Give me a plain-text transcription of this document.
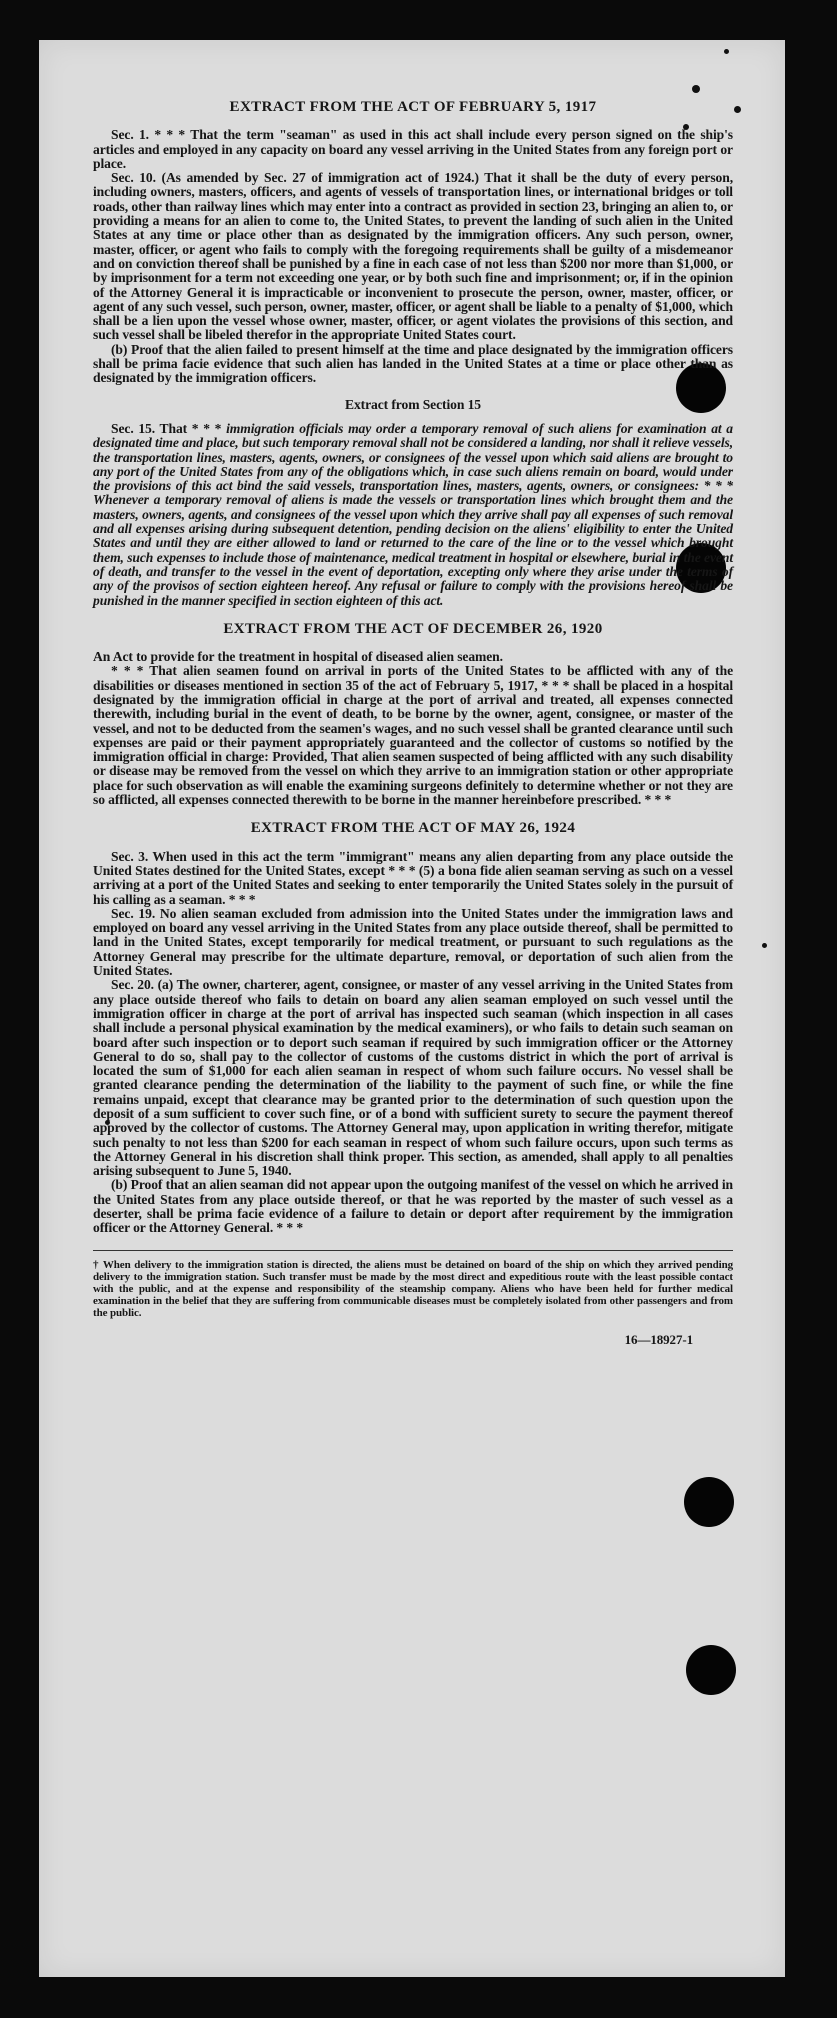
EXTRACT FROM THE ACT OF FEBRUARY 5, 1917

Sec. 1. * * * That the term "seaman" as used in this act shall include every person signed on the ship's articles and employed in any capacity on board any vessel arriving in the United States from any foreign port or place.

Sec. 10. (As amended by Sec. 27 of immigration act of 1924.) That it shall be the duty of every person, including owners, masters, officers, and agents of vessels of transportation lines, or international bridges or toll roads, other than railway lines which may enter into a contract as provided in section 23, bringing an alien to, or providing a means for an alien to come to, the United States, to prevent the landing of such alien in the United States at any time or place other than as designated by the immigration officers. Any such person, owner, master, officer, or agent who fails to comply with the foregoing requirements shall be guilty of a misdemeanor and on conviction thereof shall be punished by a fine in each case of not less than $200 nor more than $1,000, or by imprisonment for a term not exceeding one year, or by both such fine and imprisonment; or, if in the opinion of the Attorney General it is impracticable or inconvenient to prosecute the person, owner, master, officer, or agent of any such vessel, such person, owner, master, officer, or agent shall be liable to a penalty of $1,000, which shall be a lien upon the vessel whose owner, master, officer, or agent violates the provisions of this section, and such vessel shall be libeled therefor in the appropriate United States court.

(b) Proof that the alien failed to present himself at the time and place designated by the immigration officers shall be prima facie evidence that such alien has landed in the United States at a time or place other than as designated by the immigration officers.

Extract from Section 15

Sec. 15. That * * * immigration officials may order a temporary removal of such aliens for examination at a designated time and place, but such temporary removal shall not be considered a landing, nor shall it relieve vessels, the transportation lines, masters, agents, owners, or consignees of the vessel upon which said aliens are brought to any port of the United States from any of the obligations which, in case such aliens remain on board, would under the provisions of this act bind the said vessels, transportation lines, masters, agents, owners, or consignees: * * * Whenever a temporary removal of aliens is made the vessels or transportation lines which brought them and the masters, owners, agents, and consignees of the vessel upon which they arrive shall pay all expenses of such removal and all expenses arising during subsequent detention, pending decision on the aliens' eligibility to enter the United States and until they are either allowed to land or returned to the care of the line or to the vessel which brought them, such expenses to include those of maintenance, medical treatment in hospital or elsewhere, burial in the event of death, and transfer to the vessel in the event of deportation, excepting only where they arise under the terms of any of the provisos of section eighteen hereof. Any refusal or failure to comply with the provisions hereof shall be punished in the manner specified in section eighteen of this act.

EXTRACT FROM THE ACT OF DECEMBER 26, 1920

An Act to provide for the treatment in hospital of diseased alien seamen.

* * * That alien seamen found on arrival in ports of the United States to be afflicted with any of the disabilities or diseases mentioned in section 35 of the act of February 5, 1917, * * * shall be placed in a hospital designated by the immigration official in charge at the port of arrival and treated, all expenses connected therewith, including burial in the event of death, to be borne by the owner, agent, consignee, or master of the vessel, and not to be deducted from the seamen's wages, and no such vessel shall be granted clearance until such expenses are paid or their payment appropriately guaranteed and the collector of customs so notified by the immigration official in charge: Provided, That alien seamen suspected of being afflicted with any such disability or disease may be removed from the vessel on which they arrive to an immigration station or other appropriate place for such observation as will enable the examining surgeons definitely to determine whether or not they are so afflicted, all expenses connected therewith to be borne in the manner hereinbefore prescribed. * * *

EXTRACT FROM THE ACT OF MAY 26, 1924

Sec. 3. When used in this act the term "immigrant" means any alien departing from any place outside the United States destined for the United States, except * * * (5) a bona fide alien seaman serving as such on a vessel arriving at a port of the United States and seeking to enter temporarily the United States solely in the pursuit of his calling as a seaman. * * *

Sec. 19. No alien seaman excluded from admission into the United States under the immigration laws and employed on board any vessel arriving in the United States from any place outside thereof, shall be permitted to land in the United States, except temporarily for medical treatment, or pursuant to such regulations as the Attorney General may prescribe for the ultimate departure, removal, or deportation of such alien from the United States.

Sec. 20. (a) The owner, charterer, agent, consignee, or master of any vessel arriving in the United States from any place outside thereof who fails to detain on board any alien seaman employed on such vessel until the immigration officer in charge at the port of arrival has inspected such seaman (which inspection in all cases shall include a personal physical examination by the medical examiners), or who fails to detain such seaman on board after such inspection or to deport such seaman if required by such immigration officer or the Attorney General to do so, shall pay to the collector of customs of the customs district in which the port of arrival is located the sum of $1,000 for each alien seaman in respect of whom such failure occurs. No vessel shall be granted clearance pending the determination of the liability to the payment of such fine, or while the fine remains unpaid, except that clearance may be granted prior to the determination of such question upon the deposit of a sum sufficient to cover such fine, or of a bond with sufficient surety to secure the payment thereof approved by the collector of customs. The Attorney General may, upon application in writing therefor, mitigate such penalty to not less than $200 for each seaman in respect of whom such failure occurs, upon such terms as the Attorney General in his discretion shall think proper. This section, as amended, shall apply to all penalties arising subsequent to June 5, 1940.

(b) Proof that an alien seaman did not appear upon the outgoing manifest of the vessel on which he arrived in the United States from any place outside thereof, or that he was reported by the master of such vessel as a deserter, shall be prima facie evidence of a failure to detain or deport after requirement by the immigration officer or the Attorney General. * * *

† When delivery to the immigration station is directed, the aliens must be detained on board of the ship on which they arrived pending delivery to the immigration station. Such transfer must be made by the most direct and expeditious route with the least possible contact with the public, and at the expense and responsibility of the steamship company. Aliens who have been held for further medical examination in the belief that they are suffering from communicable diseases must be completely isolated from other passengers and from the public.
16—18927-1
